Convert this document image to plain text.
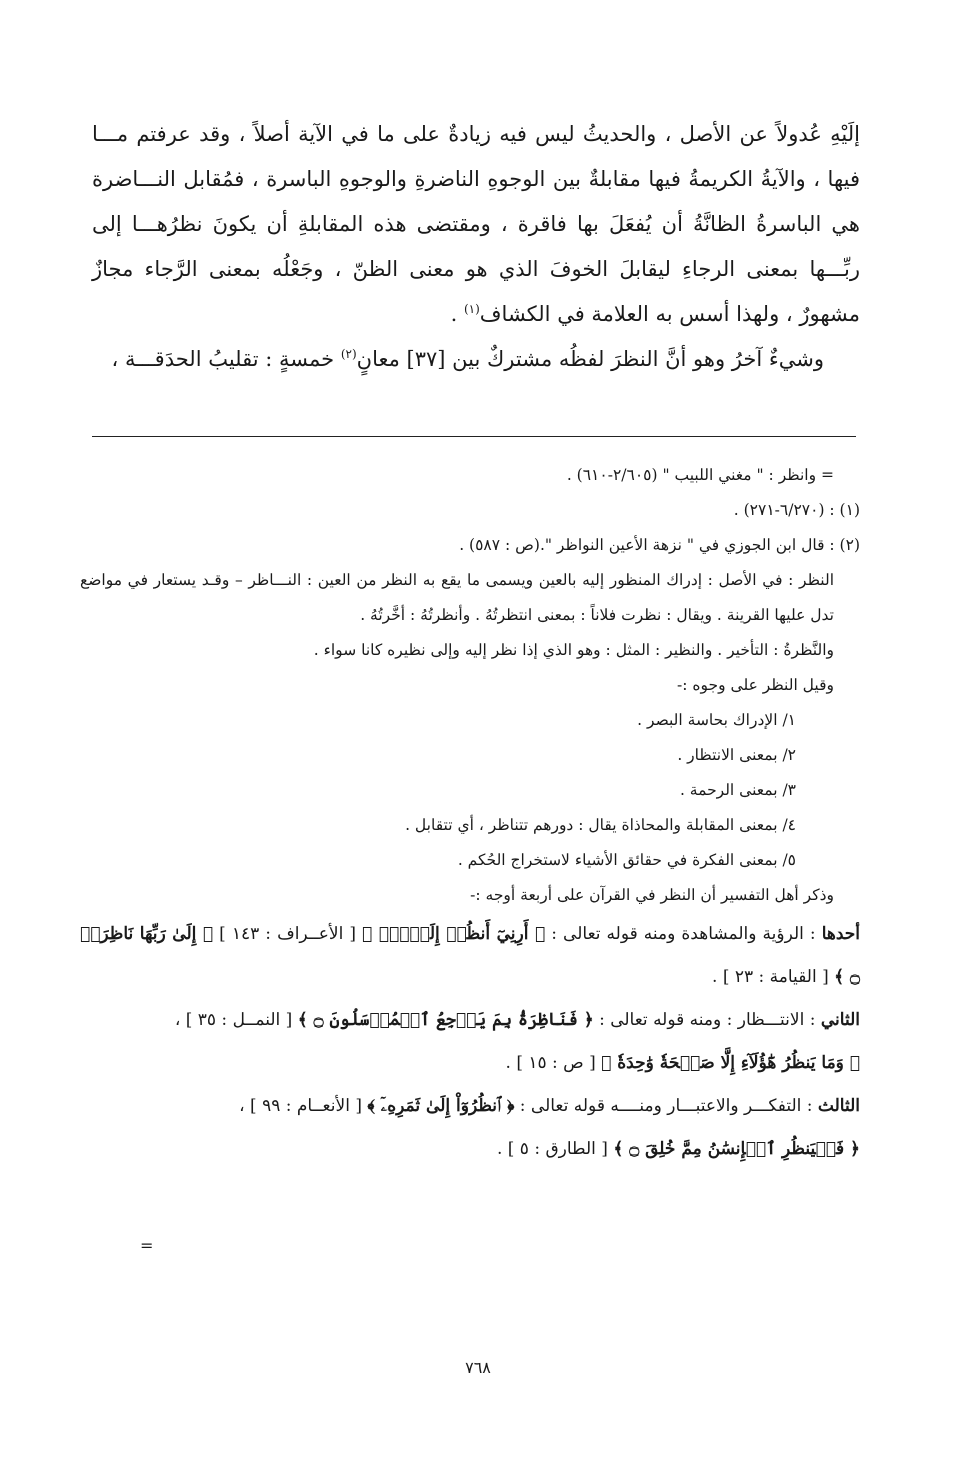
إلَيْهِ عُدولاً عن الأصل ، والحديثُ ليس فيه زيادةٌ على ما في الآية أصلاً ، وقد عرفتم مـــا فيها ، والآيةُ الكريمةُ فيها مقابلةٌ بين الوجوهِ الناضرةِ والوجوهِ الباسرة ، فمُقابل النـــاضرة هي الباسرةُ الظانَّةُ أن يُفعَلَ بها فاقرة ، ومقتضى هذه المقابلةِ أن يكونَ نظرُهـــا إلى ربِّـــها بمعنى الرجاءِ ليقابلَ الخوفَ الذي هو معنى الظنّ ، وجَعْلُه بمعنى الرَّجاء مجازٌ مشهورٌ ، ولهذا أسس به العلامة في الكشاف$^{(١)}$ .

وشيءٌ آخرُ وهو أنَّ النظرَ لفظُه مشتركٌ بين [٣٧] معانٍ$^{(٢)}$ خمسةٍ : تقليبُ الحدَقـــة ،

= وانظر : " مغني اللبيب " (٢/٦٠٥-٦١٠) .

(١) : (٦/٢٧٠-٢٧١) .

(٢) : قال ابن الجوزي في " نزهة الأعين النواظر ".(ص : ٥٨٧) .

النظر : في الأصل : إدراك المنظور إليه بالعين ويسمى ما يقع به النظر من العين : النـــاظر – وقـد يستعار في مواضع تدل عليها القرينة . ويقال : نظرت فلاناً : بمعنى انتظرتُهُ . وأنظرتُهُ : أخَّرتُهُ .

والنَّظرةُ : التأخير . والنظير : المثل : وهو الذي إذا نظر إليه وإلى نظيره كانا سواء .

وقيل النظر على وجوه :-

١/ الإدراك بحاسة البصر .

٢/ بمعنى الانتظار .

٣/ بمعنى الرحمة .

٤/ بمعنى المقابلة والمحاذاة يقال : دورهم تتناظر ، أي تتقابل .

٥/ بمعنى الفكرة في حقائق الأشياء لاستخراج الحُكم .

وذكر أهل التفسير أن النظر في القرآن على أربعة أوجه :-

أحدها : الرؤية والمشاهدة ومنه قوله تعالى : ﴿ أَرِنِيٓ أَنظُرۡ إِلَيۡكَۚ ﴾ [ الأعــراف : ١٤٣ ] ﴿ إِلَىٰ رَبِّهَا نَاظِرَةٞ ۝ ﴾ [ القيامة : ٢٣ ] .

الثاني : الانتـــظار : ومنه قوله تعالى : ﴿ فَنَاظِرَةُۢ بِمَ يَرۡجِعُ ٱلۡمُرۡسَلُونَ ۝ ﴾ [ النمــل : ٣٥ ] ،
﴿ وَمَا يَنظُرُ هَٰٓؤُلَآءِ إِلَّا صَيۡحَةٗ وَٰحِدَةٗ ﴾ [ ص : ١٥ ] .

الثالث : التفكـــر والاعتبـــار ومنــــه قوله تعالى : ﴿ ٱنظُرُوٓاْ إِلَىٰ ثَمَرِهِۦٓ ﴾ [ الأنعــام : ٩٩ ] ،
﴿ فَلۡيَنظُرِ ٱلۡإِنسَٰنُ مِمَّ خُلِقَ ۝ ﴾ [ الطارق : ٥ ] .

=
٧٦٨
